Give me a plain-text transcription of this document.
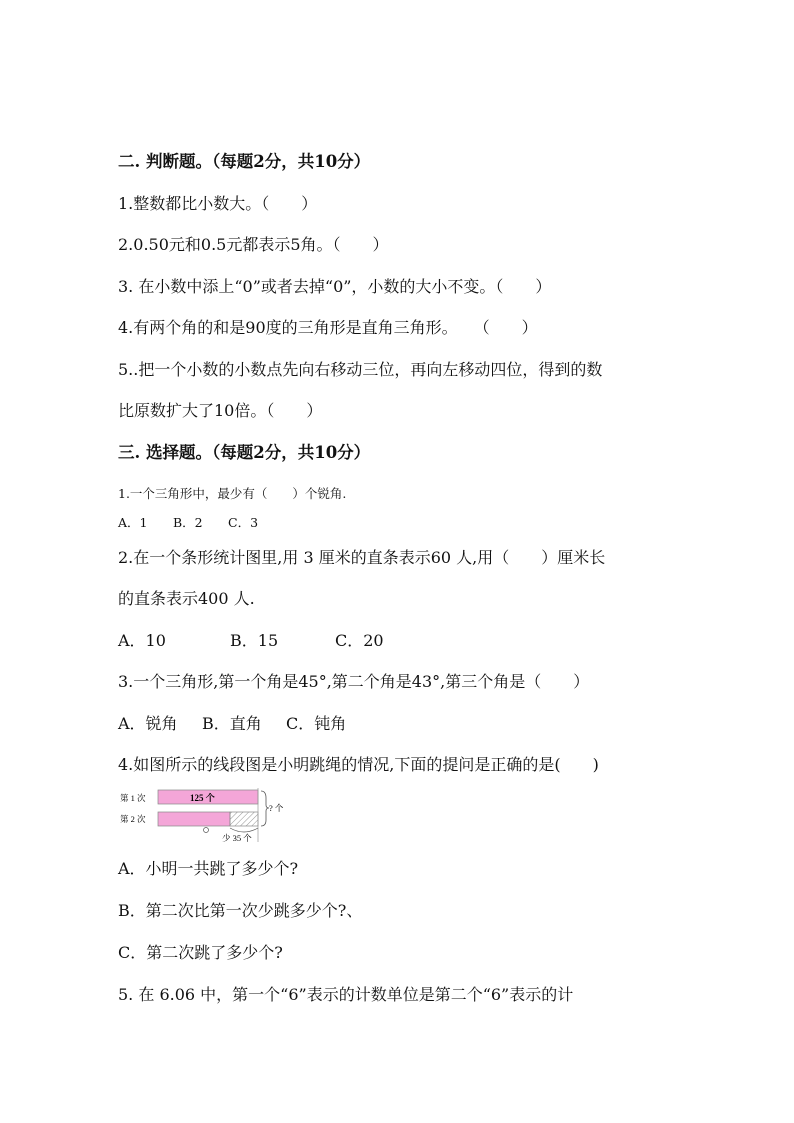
二. 判断题。（每题2分，共10分）
1.整数都比小数大。（　　）
2.0.50元和0.5元都表示5角。（　　）
3. 在小数中添上“0”或者去掉“0”，小数的大小不变。（　　）
4.有两个角的和是90度的三角形是直角三角形。　　（　　）
5..把一个小数的小数点先向右移动三位，再向左移动四位，得到的数
比原数扩大了10倍。（　　）
三. 选择题。（每题2分，共10分）
1.一个三角形中，最少有（　　）个锐角.
A．1 B．2 C．3
2.在一个条形统计图里,用 3 厘米的直条表示60 人,用（　　）厘米长
的直条表示400 人.
A．10	B．15	C．20
3.一个三角形,第一个角是45°,第二个角是43°,第三个角是（　　）
A．锐角 B．直角 C．钝角
4.如图所示的线段图是小明跳绳的情况,下面的提问是正确的是(　　)
第 1 次
第 2 次
125 个
? 个
少 35 个
A．小明一共跳了多少个?
B．第二次比第一次少跳多少个?、
C．第二次跳了多少个?
5. 在 6.06 中，第一个“6”表示的计数单位是第二个“6”表示的计
